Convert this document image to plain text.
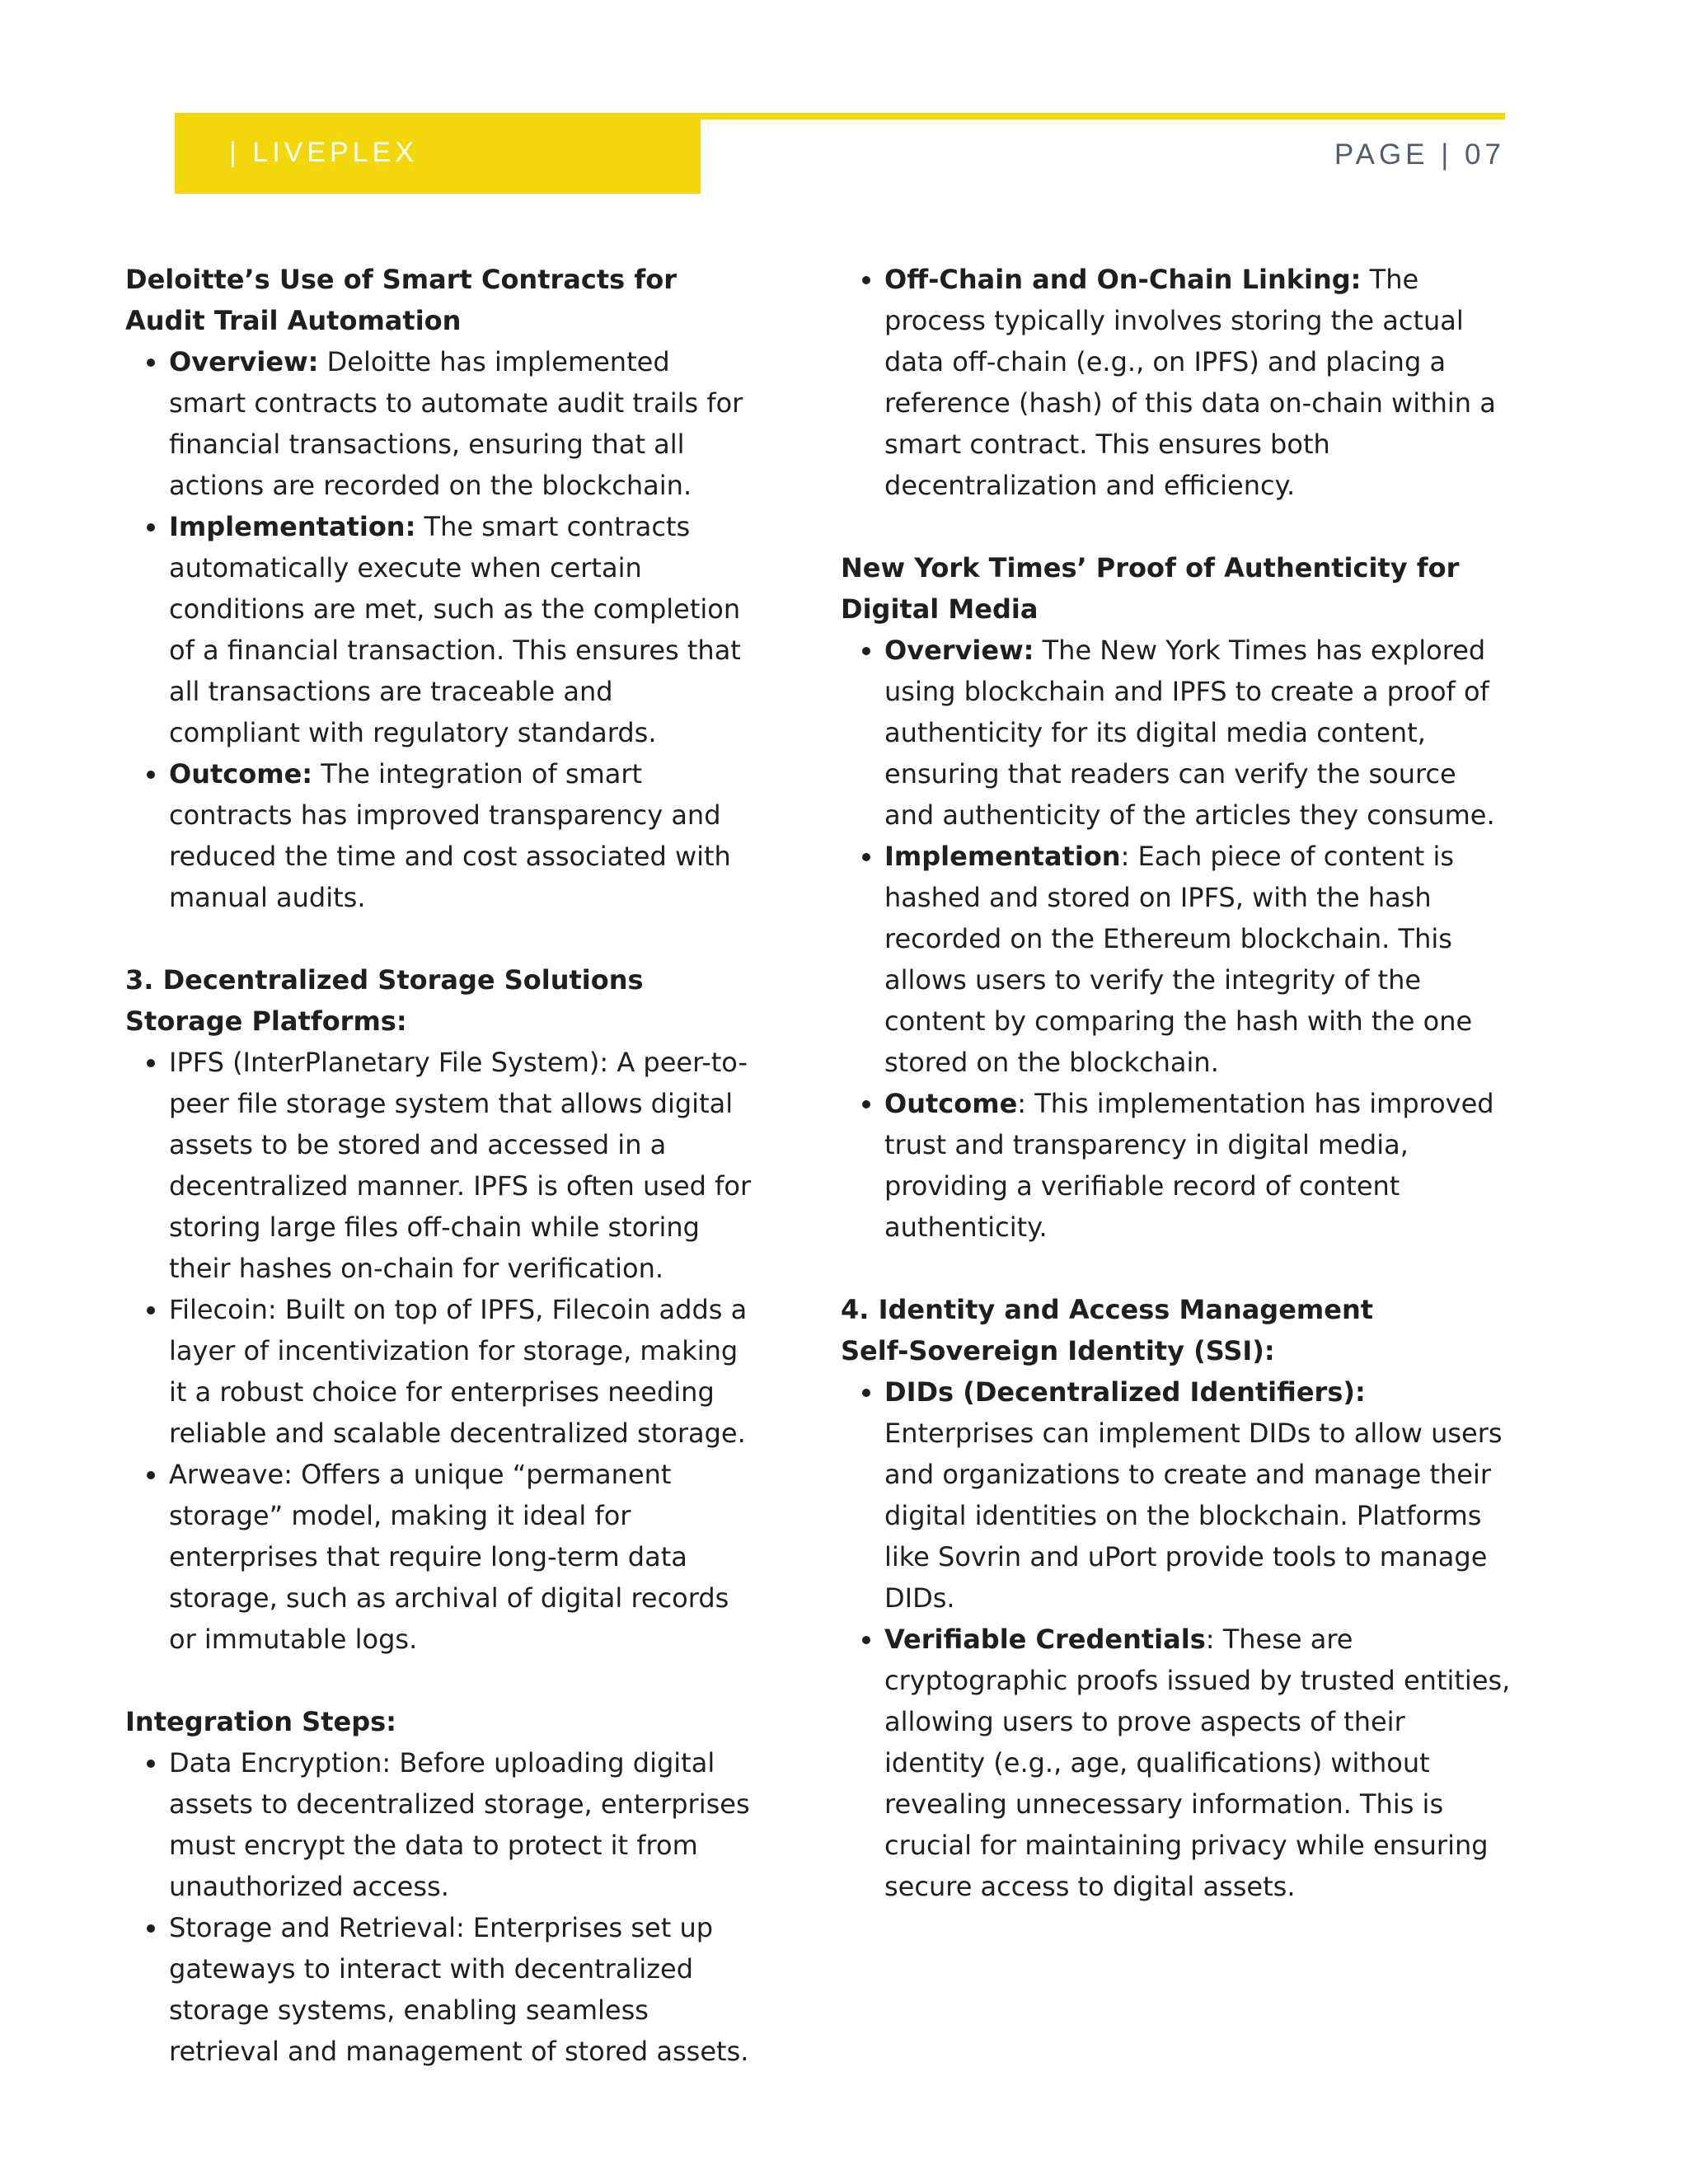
| LIVEPLEX	PAGE | 07

Deloitte’s Use of Smart Contracts for Audit Trail Automation

• Overview: Deloitte has implemented smart contracts to automate audit trails for financial transactions, ensuring that all actions are recorded on the blockchain.
• Implementation: The smart contracts automatically execute when certain conditions are met, such as the completion of a financial transaction. This ensures that all transactions are traceable and compliant with regulatory standards.
• Outcome: The integration of smart contracts has improved transparency and reduced the time and cost associated with manual audits.

3. Decentralized Storage Solutions

Storage Platforms:

• IPFS (InterPlanetary File System): A peer-to-peer file storage system that allows digital assets to be stored and accessed in a decentralized manner. IPFS is often used for storing large files off-chain while storing their hashes on-chain for verification.
• Filecoin: Built on top of IPFS, Filecoin adds a layer of incentivization for storage, making it a robust choice for enterprises needing reliable and scalable decentralized storage.
• Arweave: Offers a unique “permanent storage” model, making it ideal for enterprises that require long-term data storage, such as archival of digital records or immutable logs.

Integration Steps:

• Data Encryption: Before uploading digital assets to decentralized storage, enterprises must encrypt the data to protect it from unauthorized access.
• Storage and Retrieval: Enterprises set up gateways to interact with decentralized storage systems, enabling seamless retrieval and management of stored assets.
• Off-Chain and On-Chain Linking: The process typically involves storing the actual data off-chain (e.g., on IPFS) and placing a reference (hash) of this data on-chain within a smart contract. This ensures both decentralization and efficiency.

New York Times’ Proof of Authenticity for Digital Media

• Overview: The New York Times has explored using blockchain and IPFS to create a proof of authenticity for its digital media content, ensuring that readers can verify the source and authenticity of the articles they consume.
• Implementation: Each piece of content is hashed and stored on IPFS, with the hash recorded on the Ethereum blockchain. This allows users to verify the integrity of the content by comparing the hash with the one stored on the blockchain.
• Outcome: This implementation has improved trust and transparency in digital media, providing a verifiable record of content authenticity.

4. Identity and Access Management

Self-Sovereign Identity (SSI):

• DIDs (Decentralized Identifiers): Enterprises can implement DIDs to allow users and organizations to create and manage their digital identities on the blockchain. Platforms like Sovrin and uPort provide tools to manage DIDs.
• Verifiable Credentials: These are cryptographic proofs issued by trusted entities, allowing users to prove aspects of their identity (e.g., age, qualifications) without revealing unnecessary information. This is crucial for maintaining privacy while ensuring secure access to digital assets.
